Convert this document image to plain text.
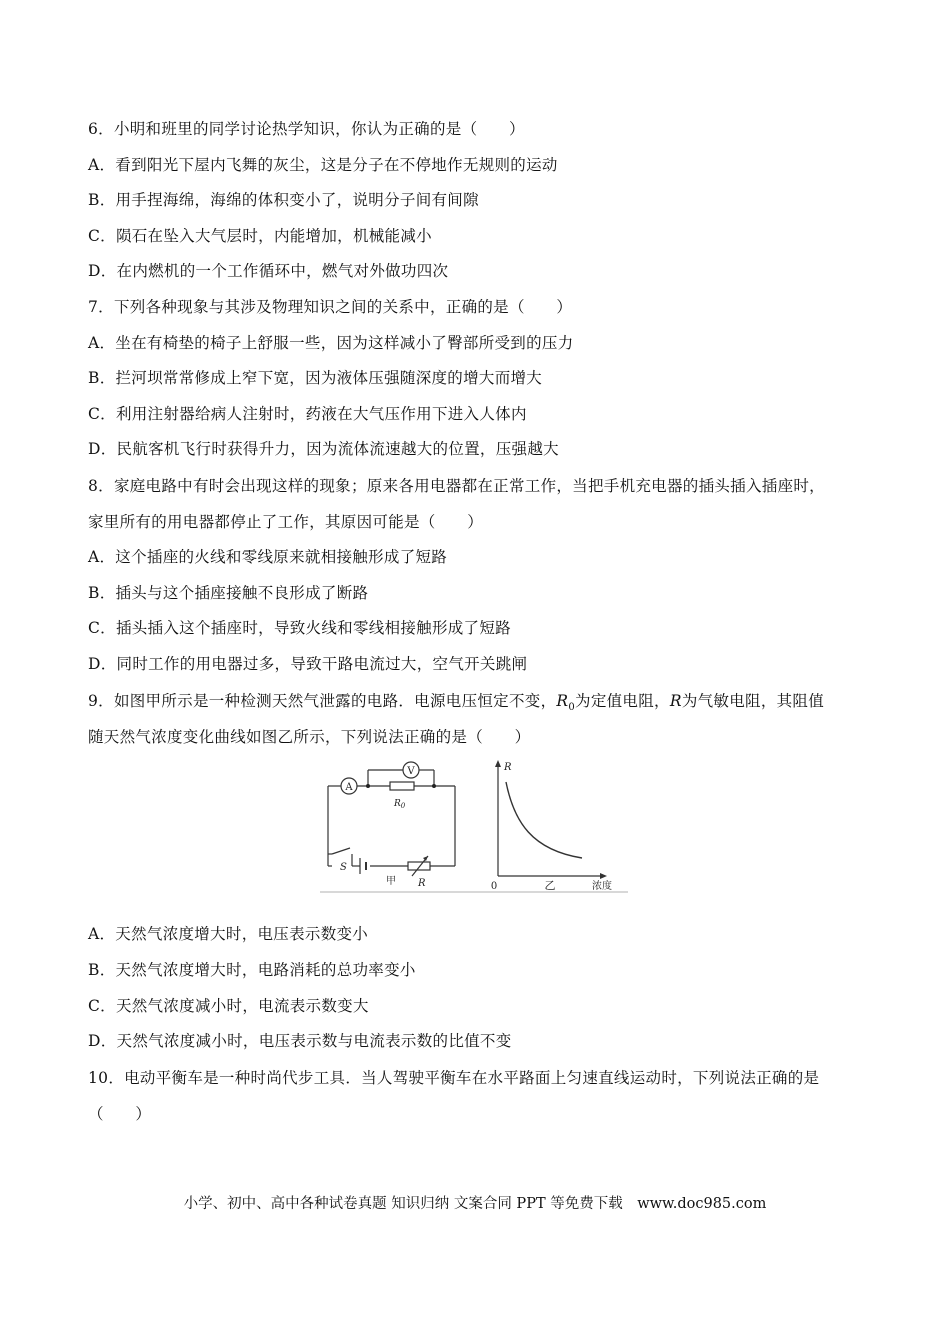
6．小明和班里的同学讨论热学知识，你认为正确的是（　　）
A．看到阳光下屋内飞舞的灰尘，这是分子在不停地作无规则的运动
B．用手捏海绵，海绵的体积变小了，说明分子间有间隙
C．陨石在坠入大气层时，内能增加，机械能减小
D．在内燃机的一个工作循环中，燃气对外做功四次
7．下列各种现象与其涉及物理知识之间的关系中，正确的是（　　）
A．坐在有椅垫的椅子上舒服一些，因为这样减小了臀部所受到的压力
B．拦河坝常常修成上窄下宽，因为液体压强随深度的增大而增大
C．利用注射器给病人注射时，药液在大气压作用下进入人体内
D．民航客机飞行时获得升力，因为流体流速越大的位置，压强越大
8．家庭电路中有时会出现这样的现象；原来各用电器都在正常工作，当把手机充电器的插头插入插座时，
家里所有的用电器都停止了工作，其原因可能是（　　）
A．这个插座的火线和零线原来就相接触形成了短路
B．插头与这个插座接触不良形成了断路
C．插头插入这个插座时，导致火线和零线相接触形成了短路
D．同时工作的用电器过多，导致干路电流过大，空气开关跳闸
9．如图甲所示是一种检测天然气泄露的电路．电源电压恒定不变，$R_0$为定值电阻，R为气敏电阻，其阻值
随天然气浓度变化曲线如图乙所示，下列说法正确的是（　　）
V
A
$R_0$
R
S
甲
R
0	乙	浓度
A．天然气浓度增大时，电压表示数变小
B．天然气浓度增大时，电路消耗的总功率变小
C．天然气浓度减小时，电流表示数变大
D．天然气浓度减小时，电压表示数与电流表示数的比值不变
10．电动平衡车是一种时尚代步工具．当人驾驶平衡车在水平路面上匀速直线运动时，下列说法正确的是
（　　）
小学、初中、高中各种试卷真题 知识归纳 文案合同 PPT 等免费下载　www.doc985.com
